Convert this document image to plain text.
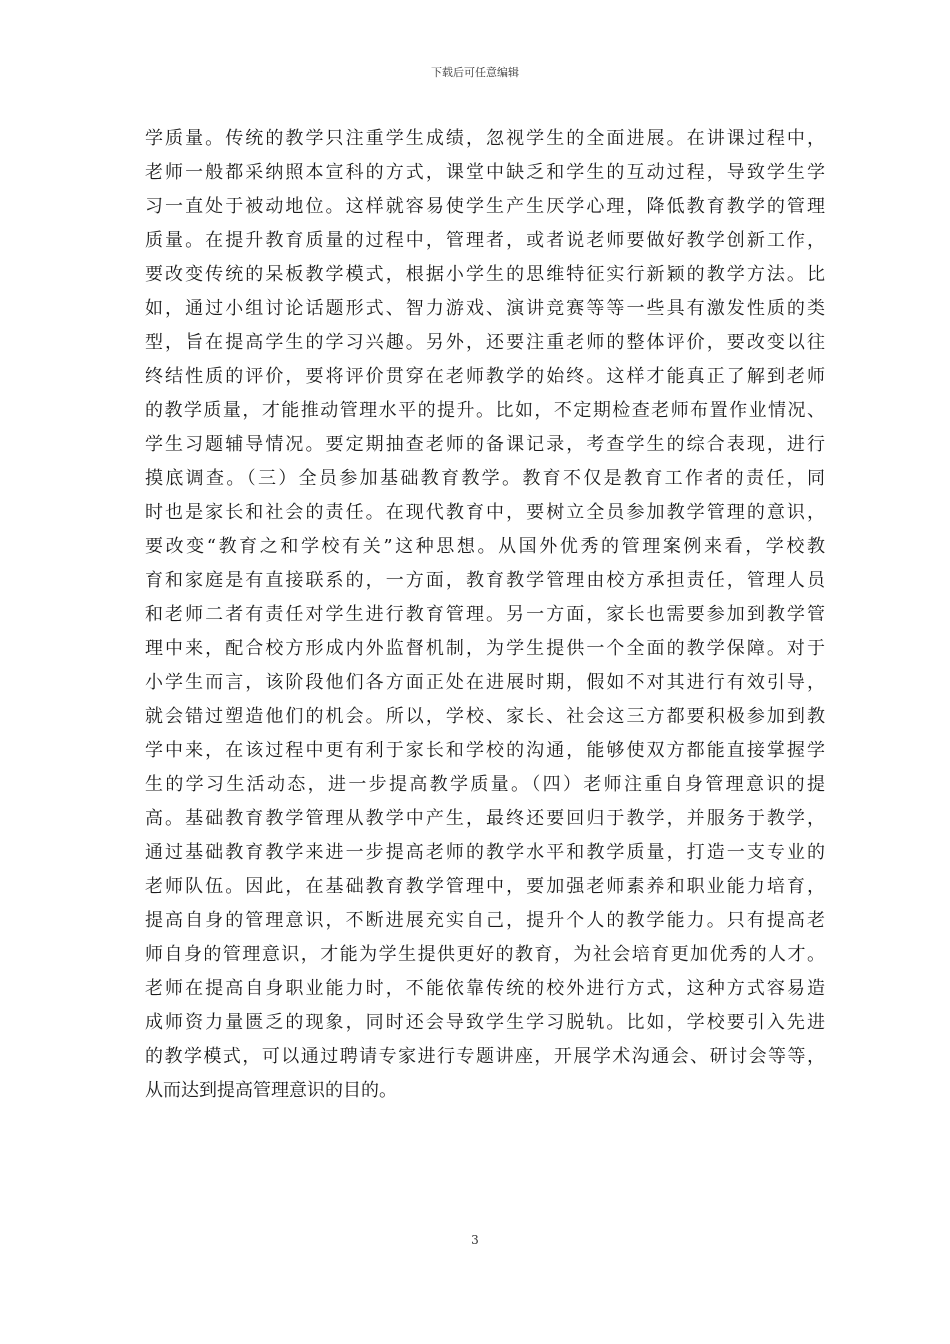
下载后可任意编辑
学质量。传统的教学只注重学生成绩，忽视学生的全面进展。在讲课过程中，
老师一般都采纳照本宣科的方式，课堂中缺乏和学生的互动过程，导致学生学
习一直处于被动地位。这样就容易使学生产生厌学心理，降低教育教学的管理
质量。在提升教育质量的过程中，管理者，或者说老师要做好教学创新工作，
要改变传统的呆板教学模式，根据小学生的思维特征实行新颖的教学方法。比
如，通过小组讨论话题形式、智力游戏、演讲竞赛等等一些具有激发性质的类
型，旨在提高学生的学习兴趣。另外，还要注重老师的整体评价，要改变以往
终结性质的评价，要将评价贯穿在老师教学的始终。这样才能真正了解到老师
的教学质量，才能推动管理水平的提升。比如，不定期检查老师布置作业情况、
学生习题辅导情况。要定期抽查老师的备课记录，考查学生的综合表现，进行
摸底调查。（三）全员参加基础教育教学。教育不仅是教育工作者的责任，同
时也是家长和社会的责任。在现代教育中，要树立全员参加教学管理的意识，
要改变“教育之和学校有关”这种思想。从国外优秀的管理案例来看，学校教
育和家庭是有直接联系的，一方面，教育教学管理由校方承担责任，管理人员
和老师二者有责任对学生进行教育管理。另一方面，家长也需要参加到教学管
理中来，配合校方形成内外监督机制，为学生提供一个全面的教学保障。对于
小学生而言，该阶段他们各方面正处在进展时期，假如不对其进行有效引导，
就会错过塑造他们的机会。所以，学校、家长、社会这三方都要积极参加到教
学中来，在该过程中更有利于家长和学校的沟通，能够使双方都能直接掌握学
生的学习生活动态，进一步提高教学质量。（四）老师注重自身管理意识的提
高。基础教育教学管理从教学中产生，最终还要回归于教学，并服务于教学，
通过基础教育教学来进一步提高老师的教学水平和教学质量，打造一支专业的
老师队伍。因此，在基础教育教学管理中，要加强老师素养和职业能力培育，
提高自身的管理意识，不断进展充实自己，提升个人的教学能力。只有提高老
师自身的管理意识，才能为学生提供更好的教育，为社会培育更加优秀的人才。
老师在提高自身职业能力时，不能依靠传统的校外进行方式，这种方式容易造
成师资力量匮乏的现象，同时还会导致学生学习脱轨。比如，学校要引入先进
的教学模式，可以通过聘请专家进行专题讲座，开展学术沟通会、研讨会等等，
从而达到提高管理意识的目的。
3
